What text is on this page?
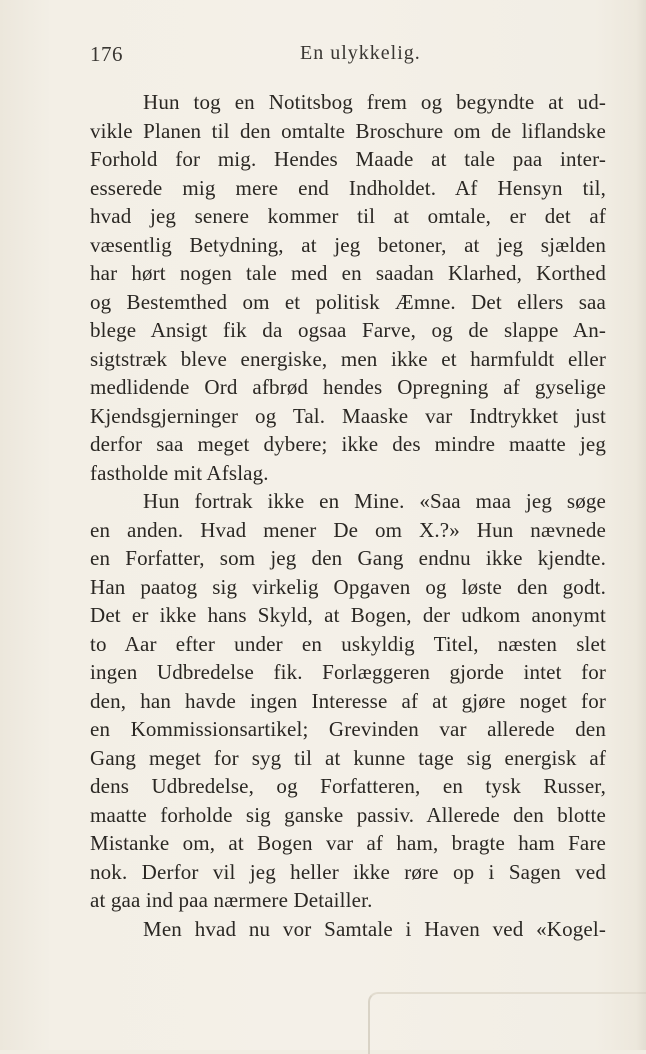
176	En ulykkelig.
Hun tog en Notitsbog frem og begyndte at ud-
vikle Planen til den omtalte Broschure om de liflandske
Forhold for mig. Hendes Maade at tale paa inter-
esserede mig mere end Indholdet. Af Hensyn til,
hvad jeg senere kommer til at omtale, er det af
væsentlig Betydning, at jeg betoner, at jeg sjælden
har hørt nogen tale med en saadan Klarhed, Korthed
og Bestemthed om et politisk Æmne. Det ellers saa
blege Ansigt fik da ogsaa Farve, og de slappe An-
sigtstræk bleve energiske, men ikke et harmfuldt eller
medlidende Ord afbrød hendes Opregning af gyselige
Kjendsgjerninger og Tal. Maaske var Indtrykket just
derfor saa meget dybere; ikke des mindre maatte jeg
fastholde mit Afslag.
Hun fortrak ikke en Mine. «Saa maa jeg søge
en anden. Hvad mener De om X.?» Hun nævnede
en Forfatter, som jeg den Gang endnu ikke kjendte.
Han paatog sig virkelig Opgaven og løste den godt.
Det er ikke hans Skyld, at Bogen, der udkom anonymt
to Aar efter under en uskyldig Titel, næsten slet
ingen Udbredelse fik. Forlæggeren gjorde intet for
den, han havde ingen Interesse af at gjøre noget for
en Kommissionsartikel; Grevinden var allerede den
Gang meget for syg til at kunne tage sig energisk af
dens Udbredelse, og Forfatteren, en tysk Russer,
maatte forholde sig ganske passiv. Allerede den blotte
Mistanke om, at Bogen var af ham, bragte ham Fare
nok. Derfor vil jeg heller ikke røre op i Sagen ved
at gaa ind paa nærmere Detailler.
Men hvad nu vor Samtale i Haven ved «Kogel-
